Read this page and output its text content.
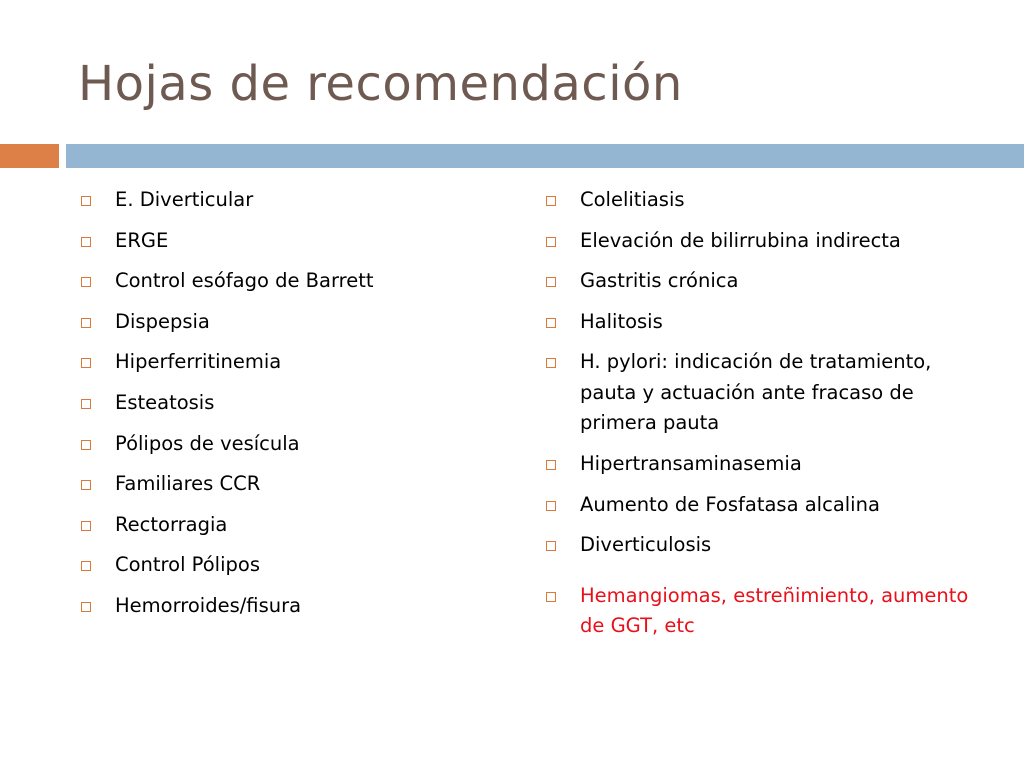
Hojas de recomendación
E. Diverticular
ERGE
Control esófago de Barrett
Dispepsia
Hiperferritinemia
Esteatosis
Pólipos de vesícula
Familiares CCR
Rectorragia
Control Pólipos
Hemorroides/fisura
Colelitiasis
Elevación de bilirrubina indirecta
Gastritis crónica
Halitosis
H. pylori: indicación de tratamiento, pauta y actuación ante fracaso de primera pauta
Hipertransaminasemia
Aumento de Fosfatasa alcalina
Diverticulosis
Hemangiomas, estreñimiento, aumento de GGT, etc
